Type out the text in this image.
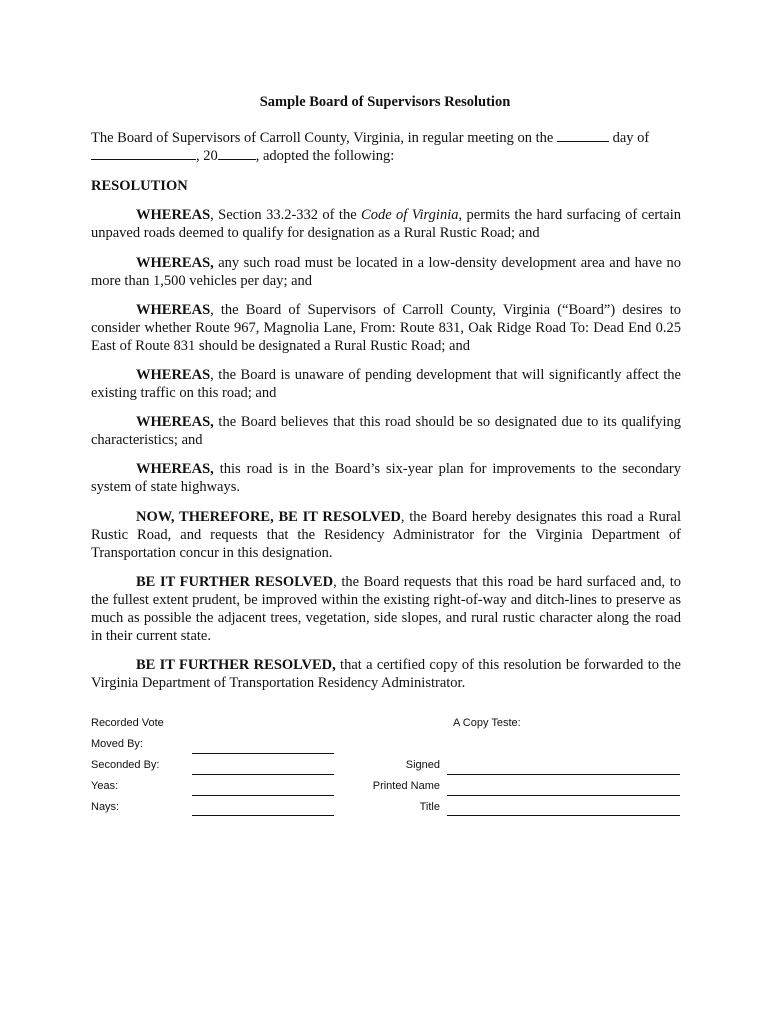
Sample Board of Supervisors Resolution
The Board of Supervisors of Carroll County, Virginia, in regular meeting on the	day of
, 20	, adopted the following:
RESOLUTION

WHEREAS, Section 33.2-332 of the Code of Virginia, permits the hard surfacing of certain unpaved roads deemed to qualify for designation as a Rural Rustic Road; and

WHEREAS, any such road must be located in a low-density development area and have no more than 1,500 vehicles per day; and

WHEREAS, the Board of Supervisors of Carroll County, Virginia (“Board”) desires to consider whether Route 967, Magnolia Lane, From: Route 831, Oak Ridge Road To: Dead End 0.25 East of Route 831 should be designated a Rural Rustic Road; and

WHEREAS, the Board is unaware of pending development that will significantly affect the existing traffic on this road; and

WHEREAS, the Board believes that this road should be so designated due to its qualifying characteristics; and

WHEREAS, this road is in the Board’s six-year plan for improvements to the secondary system of state highways.

NOW, THEREFORE, BE IT RESOLVED, the Board hereby designates this road a Rural Rustic Road, and requests that the Residency Administrator for the Virginia Department of Transportation concur in this designation.

BE IT FURTHER RESOLVED, the Board requests that this road be hard surfaced and, to the fullest extent prudent, be improved within the existing right-of-way and ditch-lines to preserve as much as possible the adjacent trees, vegetation, side slopes, and rural rustic character along the road in their current state.

BE IT FURTHER RESOLVED, that a certified copy of this resolution be forwarded to the Virginia Department of Transportation Residency Administrator.

Recorded Vote
Moved By:
Seconded By:
Yeas:
Nays:
A Copy Teste:
Signed
Printed Name
Title
